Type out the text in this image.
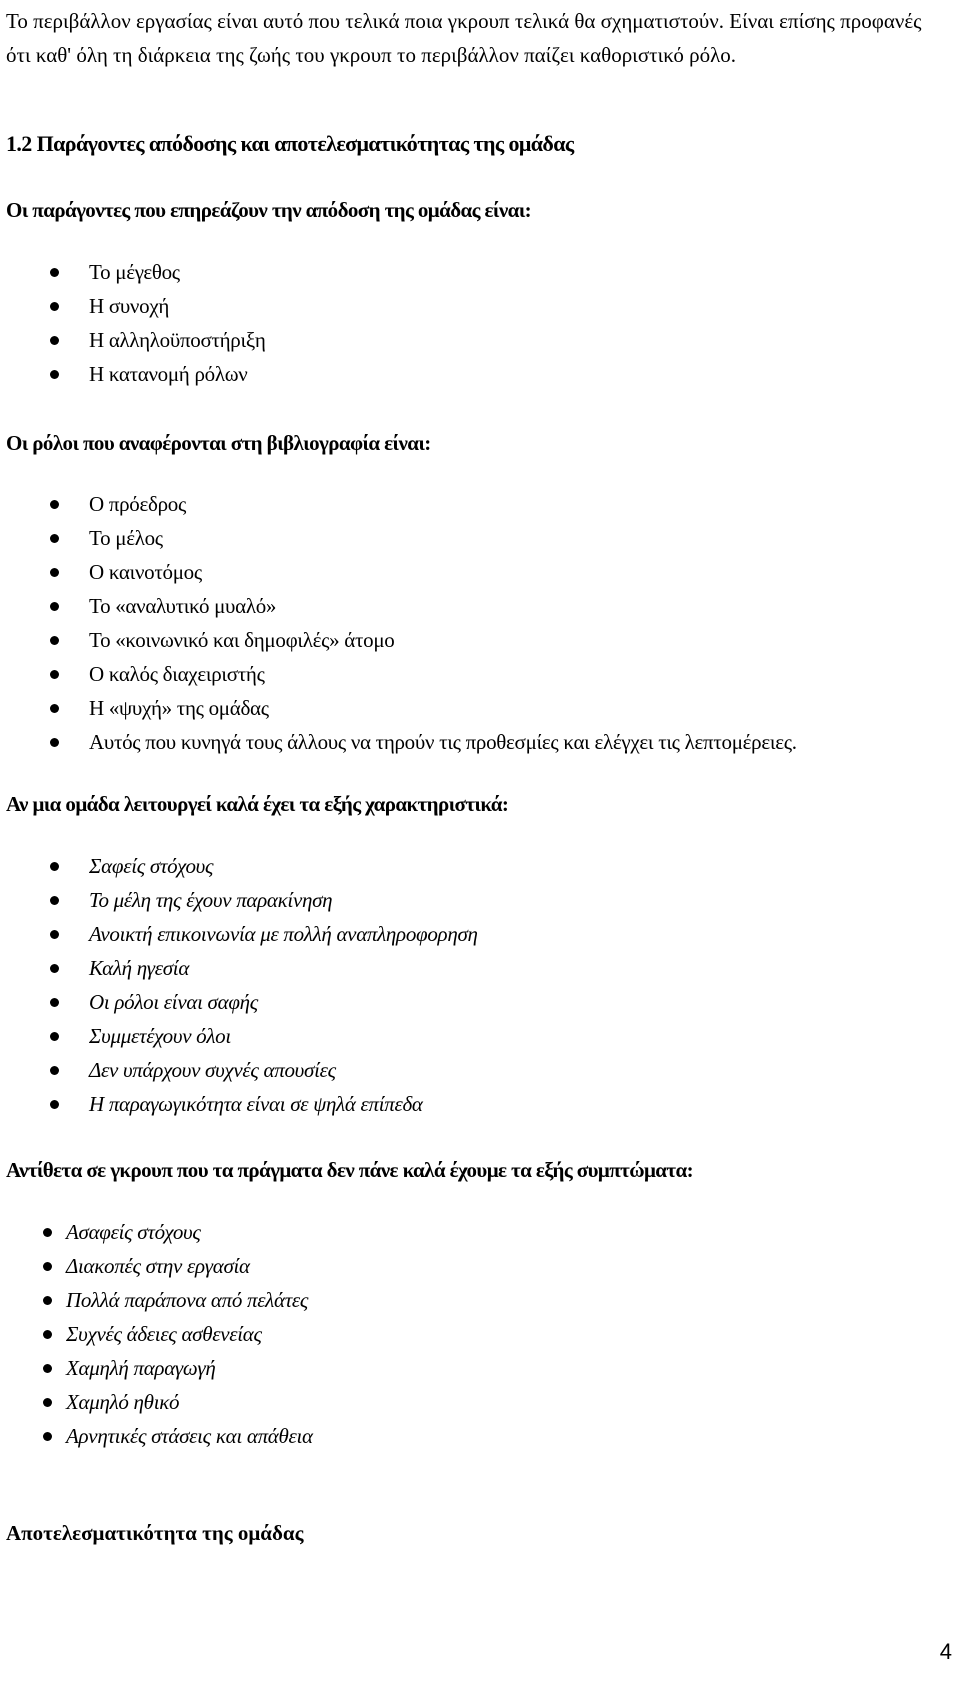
Το περιβάλλον εργασίας είναι αυτό που τελικά ποια γκρουπ τελικά θα σχηματιστούν. Είναι επίσης προφανές ότι καθ' όλη τη διάρκεια της ζωής του γκρουπ το περιβάλλον παίζει καθοριστικό ρόλο.

1.2 Παράγοντες απόδοσης και αποτελεσματικότητας της ομάδας
Οι παράγοντες που επηρεάζουν την απόδοση της ομάδας είναι:
Το μέγεθος
Η συνοχή
Η αλληλοϋποστήριξη
Η κατανομή ρόλων
Οι ρόλοι που αναφέρονται στη βιβλιογραφία είναι:
Ο πρόεδρος
Το μέλος
Ο καινοτόμος
Το «αναλυτικό μυαλό»
Το «κοινωνικό και δημοφιλές» άτομο
Ο καλός διαχειριστής
Η «ψυχή» της ομάδας
Αυτός που κυνηγά τους άλλους να τηρούν τις προθεσμίες και ελέγχει τις λεπτομέρειες.
Αν μια ομάδα λειτουργεί καλά έχει τα εξής χαρακτηριστικά:
Σαφείς στόχους
Το μέλη της έχουν παρακίνηση
Ανοικτή επικοινωνία με πολλή αναπληροφορηση
Καλή ηγεσία
Οι ρόλοι είναι σαφής
Συμμετέχουν όλοι
Δεν υπάρχουν συχνές απουσίες
Η παραγωγικότητα είναι σε ψηλά επίπεδα
Αντίθετα σε γκρουπ που τα πράγματα δεν πάνε καλά έχουμε τα εξής συμπτώματα:
Ασαφείς στόχους
Διακοπές στην εργασία
Πολλά παράπονα από πελάτες
Συχνές άδειες ασθενείας
Χαμηλή παραγωγή
Χαμηλό ηθικό
Αρνητικές στάσεις και απάθεια
Αποτελεσματικότητα της ομάδας
4
